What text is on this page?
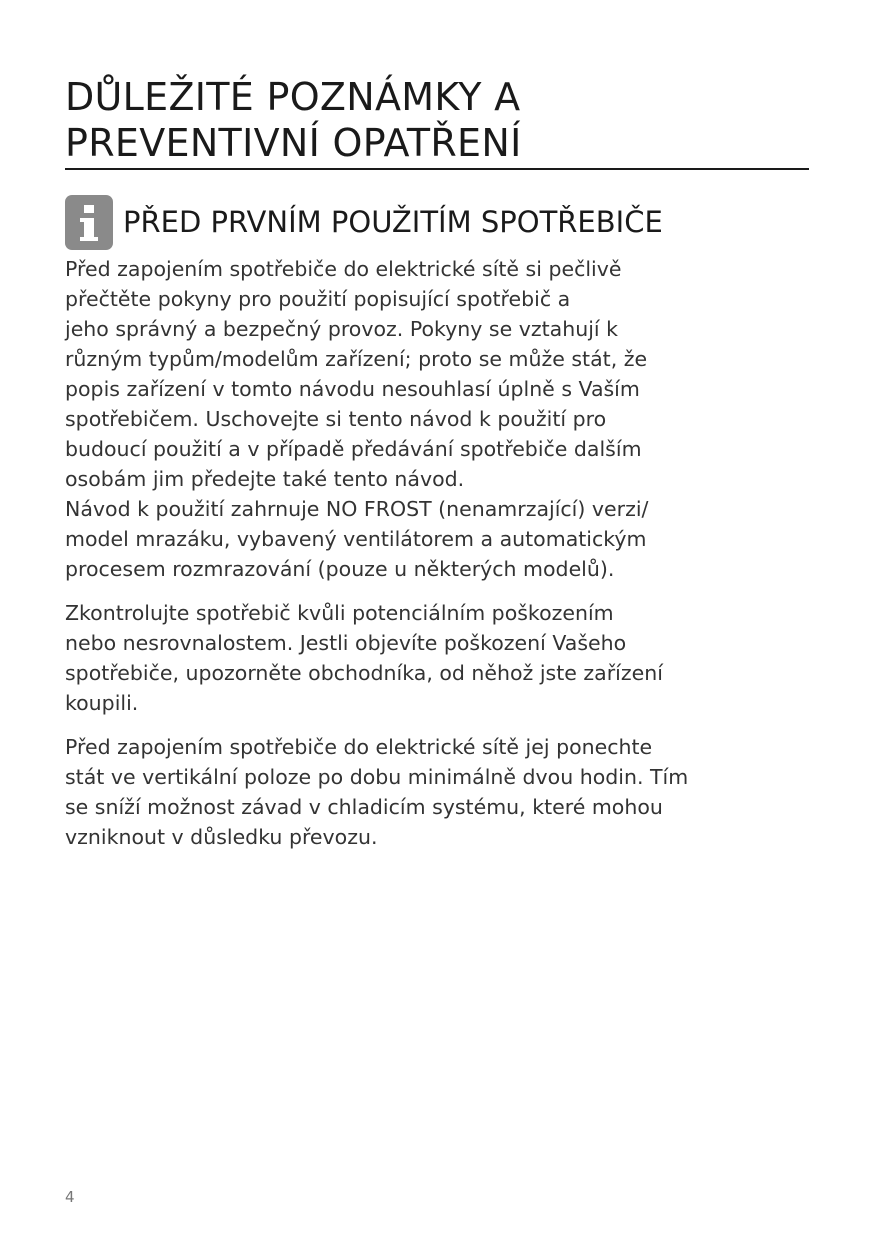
DŮLEŽITÉ POZNÁMKY A
PREVENTIVNÍ OPATŘENÍ
PŘED PRVNÍM POUŽITÍM SPOTŘEBIČE

Před zapojením spotřebiče do elektrické sítě si pečlivě
přečtěte pokyny pro použití popisující spotřebič a
jeho správný a bezpečný provoz. Pokyny se vztahují k
různým typům/modelům zařízení; proto se může stát, že
popis zařízení v tomto návodu nesouhlasí úplně s Vaším
spotřebičem. Uschovejte si tento návod k použití pro
budoucí použití a v případě předávání spotřebiče dalším
osobám jim předejte také tento návod.
Návod k použití zahrnuje NO FROST (nenamrzající) verzi/
model mrazáku, vybavený ventilátorem a automatickým
procesem rozmrazování (pouze u některých modelů).

Zkontrolujte spotřebič kvůli potenciálním poškozením
nebo nesrovnalostem. Jestli objevíte poškození Vašeho
spotřebiče, upozorněte obchodníka, od něhož jste zařízení
koupili.

Před zapojením spotřebiče do elektrické sítě jej ponechte
stát ve vertikální poloze po dobu minimálně dvou hodin. Tím
se sníží možnost závad v chladicím systému, které mohou
vzniknout v důsledku převozu.

4
